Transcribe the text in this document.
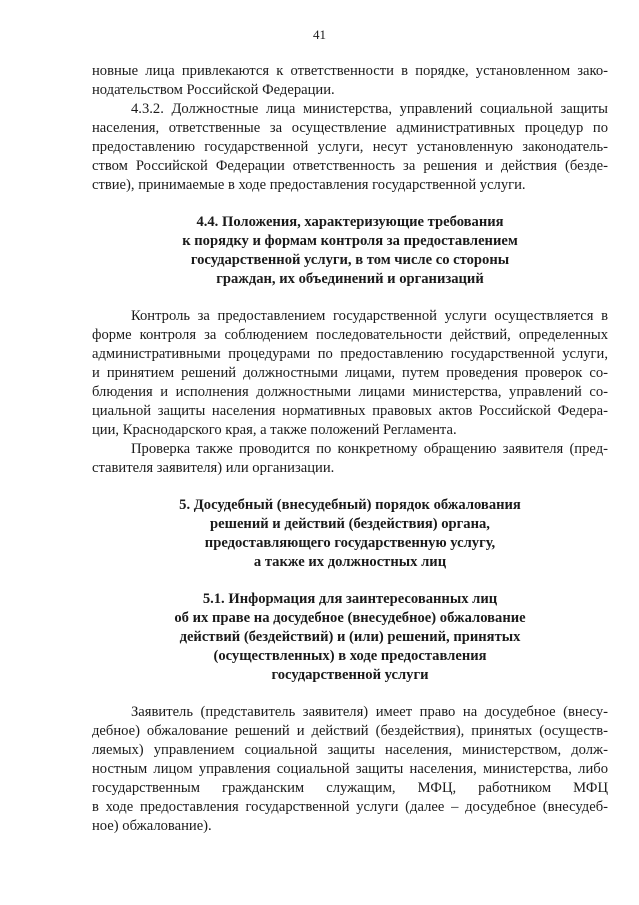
41
новные лица привлекаются к ответственности в порядке, установленном зако-
нодательством Российской Федерации.
4.3.2. Должностные лица министерства, управлений социальной защиты
населения, ответственные за осуществление административных процедур по
предоставлению государственной услуги, несут установленную законодатель-
ством Российской Федерации ответственность за решения и действия (безде-
ствие), принимаемые в ходе предоставления государственной услуги.
4.4. Положения, характеризующие требования
к порядку и формам контроля за предоставлением
государственной услуги, в том числе со стороны
граждан, их объединений и организаций
Контроль за предоставлением государственной услуги осуществляется в
форме контроля за соблюдением последовательности действий, определенных
административными процедурами по предоставлению государственной услуги,
и принятием решений должностными лицами, путем проведения проверок со-
блюдения и исполнения должностными лицами министерства, управлений со-
циальной защиты населения нормативных правовых актов Российской Федера-
ции, Краснодарского края, а также положений Регламента.
Проверка также проводится по конкретному обращению заявителя (пред-
ставителя заявителя) или организации.
5. Досудебный (внесудебный) порядок обжалования
решений и действий (бездействия) органа,
предоставляющего государственную услугу,
а также их должностных лиц
5.1. Информация для заинтересованных лиц
об их праве на досудебное (внесудебное) обжалование
действий (бездействий) и (или) решений, принятых
(осуществленных) в ходе предоставления
государственной услуги
Заявитель (представитель заявителя) имеет право на досудебное (внесу-
дебное) обжалование решений и действий (бездействия), принятых (осуществ-
ляемых) управлением социальной защиты населения, министерством, долж-
ностным лицом управления социальной защиты населения, министерства, либо
государственным гражданским служащим, МФЦ, работником МФЦ
в ходе предоставления государственной услуги (далее – досудебное (внесудеб-
ное) обжалование).
